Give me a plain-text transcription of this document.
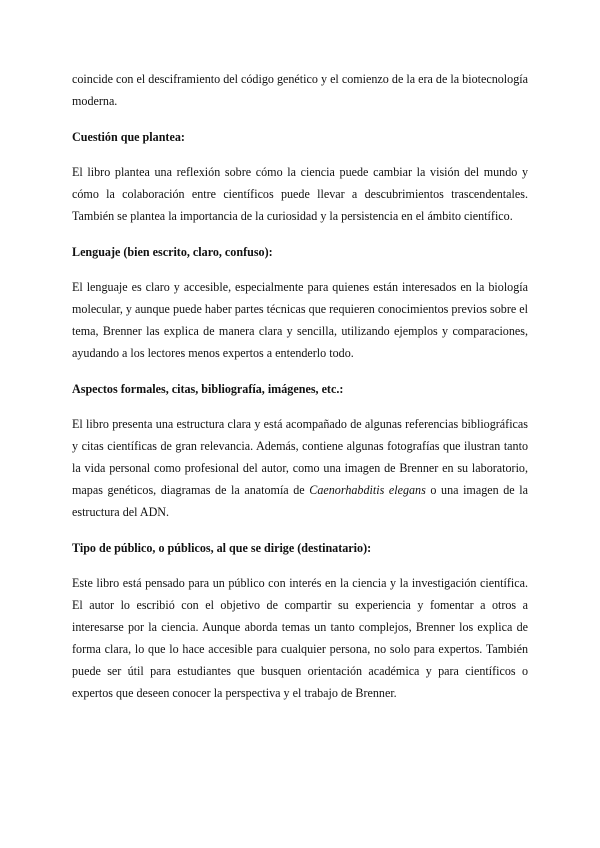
coincide con el desciframiento del código genético y el comienzo de la era de la biotecnología moderna.

Cuestión que plantea:

El libro plantea una reflexión sobre cómo la ciencia puede cambiar la visión del mundo y cómo la colaboración entre científicos puede llevar a descubrimientos trascendentales. También se plantea la importancia de la curiosidad y la persistencia en el ámbito científico.

Lenguaje (bien escrito, claro, confuso):

El lenguaje es claro y accesible, especialmente para quienes están interesados en la biología molecular, y aunque puede haber partes técnicas que requieren conocimientos previos sobre el tema, Brenner las explica de manera clara y sencilla, utilizando ejemplos y comparaciones, ayudando a los lectores menos expertos a entenderlo todo.

Aspectos formales, citas, bibliografía, imágenes, etc.:

El libro presenta una estructura clara y está acompañado de algunas referencias bibliográficas y citas científicas de gran relevancia. Además, contiene algunas fotografías que ilustran tanto la vida personal como profesional del autor, como una imagen de Brenner en su laboratorio, mapas genéticos, diagramas de la anatomía de Caenorhabditis elegans o una imagen de la estructura del ADN.

Tipo de público, o públicos, al que se dirige (destinatario):

Este libro está pensado para un público con interés en la ciencia y la investigación científica. El autor lo escribió con el objetivo de compartir su experiencia y fomentar a otros a interesarse por la ciencia. Aunque aborda temas un tanto complejos, Brenner los explica de forma clara, lo que lo hace accesible para cualquier persona, no solo para expertos. También puede ser útil para estudiantes que busquen orientación académica y para científicos o expertos que deseen conocer la perspectiva y el trabajo de Brenner.
